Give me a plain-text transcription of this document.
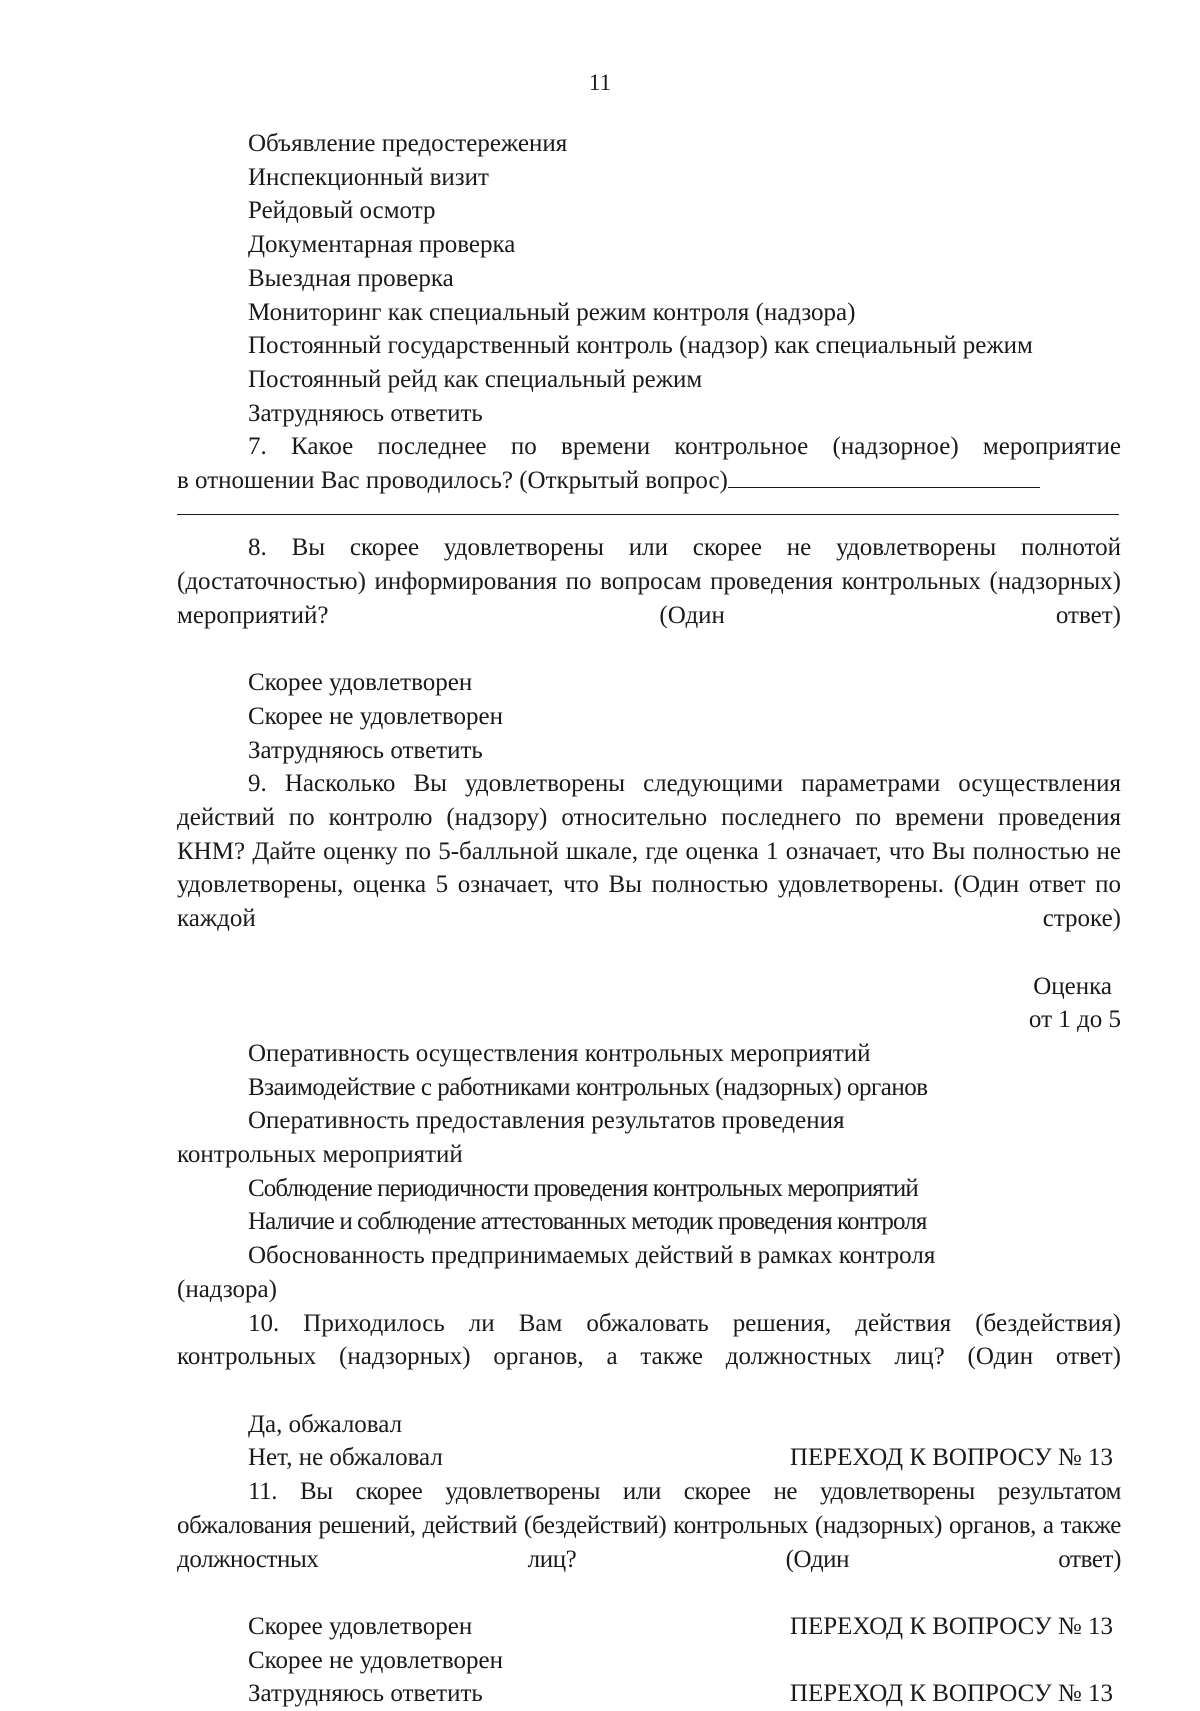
11
Объявление предостережения
Инспекционный визит
Рейдовый осмотр
Документарная проверка
Выездная проверка
Мониторинг как специальный режим контроля (надзора)
Постоянный государственный контроль (надзор) как специальный режим
Постоянный рейд как специальный режим
Затрудняюсь ответить
7. Какое последнее по времени контрольное (надзорное) мероприятие
в отношении Вас проводилось? (Открытый вопрос)

8. Вы скорее удовлетворены или скорее не удовлетворены полнотой (достаточностью) информирования по вопросам проведения контрольных (надзорных) мероприятий? (Один ответ)

Скорее удовлетворен
Скорее не удовлетворен
Затрудняюсь ответить

9. Насколько Вы удовлетворены следующими параметрами осуществления действий по контролю (надзору) относительно последнего по времени проведения КНМ? Дайте оценку по 5-балльной шкале, где оценка 1 означает, что Вы полностью не удовлетворены, оценка 5 означает, что Вы полностью удовлетворены. (Один ответ по каждой строке)

Оценка
от 1 до 5
Оперативность осуществления контрольных мероприятий
Взаимодействие с работниками контрольных (надзорных) органов
Оперативность предоставления результатов проведения
контрольных мероприятий
Соблюдение периодичности проведения контрольных мероприятий
Наличие и соблюдение аттестованных методик проведения контроля
Обоснованность предпринимаемых действий в рамках контроля
(надзора)

10. Приходилось ли Вам обжаловать решения, действия (бездействия) контрольных (надзорных) органов, а также должностных лиц? (Один ответ)

Да, обжаловал
Нет, не обжаловал	ПЕРЕХОД К ВОПРОСУ № 13

11. Вы скорее удовлетворены или скорее не удовлетворены результатом обжалования решений, действий (бездействий) контрольных (надзорных) органов, а также должностных лиц? (Один ответ)

Скорее удовлетворен	ПЕРЕХОД К ВОПРОСУ № 13
Скорее не удовлетворен
Затрудняюсь ответить	ПЕРЕХОД К ВОПРОСУ № 13
